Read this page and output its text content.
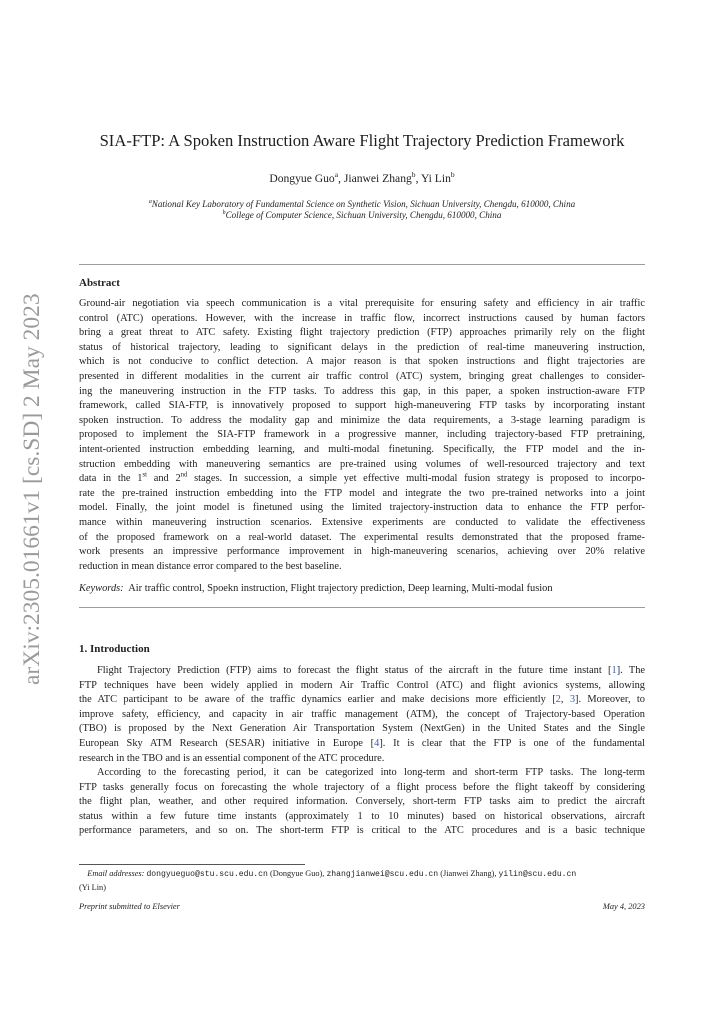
arXiv:2305.01661v1 [cs.SD] 2 May 2023
SIA-FTP: A Spoken Instruction Aware Flight Trajectory Prediction Framework
Dongyue Guo$^a$, Jianwei Zhang$^b$, Yi Lin$^b$
$^a$National Key Laboratory of Fundamental Science on Synthetic Vision, Sichuan University, Chengdu, 610000, China
$^b$College of Computer Science, Sichuan University, Chengdu, 610000, China
Abstract
Ground-air negotiation via speech communication is a vital prerequisite for ensuring safety and efficiency in air traffic
control (ATC) operations. However, with the increase in traffic flow, incorrect instructions caused by human factors
bring a great threat to ATC safety. Existing flight trajectory prediction (FTP) approaches primarily rely on the flight
status of historical trajectory, leading to significant delays in the prediction of real-time maneuvering instruction,
which is not conducive to conflict detection. A major reason is that spoken instructions and flight trajectories are
presented in different modalities in the current air traffic control (ATC) system, bringing great challenges to consider-
ing the maneuvering instruction in the FTP tasks. To address this gap, in this paper, a spoken instruction-aware FTP
framework, called SIA-FTP, is innovatively proposed to support high-maneuvering FTP tasks by incorporating instant
spoken instruction. To address the modality gap and minimize the data requirements, a 3-stage learning paradigm is
proposed to implement the SIA-FTP framework in a progressive manner, including trajectory-based FTP pretraining,
intent-oriented instruction embedding learning, and multi-modal finetuning. Specifically, the FTP model and the in-
struction embedding with maneuvering semantics are pre-trained using volumes of well-resourced trajectory and text
data in the 1st and 2nd stages. In succession, a simple yet effective multi-modal fusion strategy is proposed to incorpo-
rate the pre-trained instruction embedding into the FTP model and integrate the two pre-trained networks into a joint
model. Finally, the joint model is finetuned using the limited trajectory-instruction data to enhance the FTP perfor-
mance within maneuvering instruction scenarios. Extensive experiments are conducted to validate the effectiveness
of the proposed framework on a real-world dataset. The experimental results demonstrated that the proposed frame-
work presents an impressive performance improvement in high-maneuvering scenarios, achieving over 20% relative
reduction in mean distance error compared to the best baseline.
Keywords: Air traffic control, Spoekn instruction, Flight trajectory prediction, Deep learning, Multi-modal fusion
1. Introduction
Flight Trajectory Prediction (FTP) aims to forecast the flight status of the aircraft in the future time instant [1]. The
FTP techniques have been widely applied in modern Air Traffic Control (ATC) and flight avionics systems, allowing
the ATC participant to be aware of the traffic dynamics earlier and make decisions more efficiently [2, 3]. Moreover, to
improve safety, efficiency, and capacity in air traffic management (ATM), the concept of Trajectory-based Operation
(TBO) is proposed by the Next Generation Air Transportation System (NextGen) in the United States and the Single
European Sky ATM Research (SESAR) initiative in Europe [4]. It is clear that the FTP is one of the fundamental
research in the TBO and is an essential component of the ATC procedure.
According to the forecasting period, it can be categorized into long-term and short-term FTP tasks. The long-term
FTP tasks generally focus on forecasting the whole trajectory of a flight process before the flight takeoff by considering
the flight plan, weather, and other required information. Conversely, short-term FTP tasks aim to predict the aircraft
status within a few future time instants (approximately 1 to 10 minutes) based on historical observations, aircraft
performance parameters, and so on. The short-term FTP is critical to the ATC procedures and is a basic technique
Email addresses: dongyueguo@stu.scu.edu.cn (Dongyue Guo), zhangjianwei@scu.edu.cn (Jianwei Zhang), yilin@scu.edu.cn
(Yi Lin)
Preprint submitted to Elsevier	May 4, 2023
